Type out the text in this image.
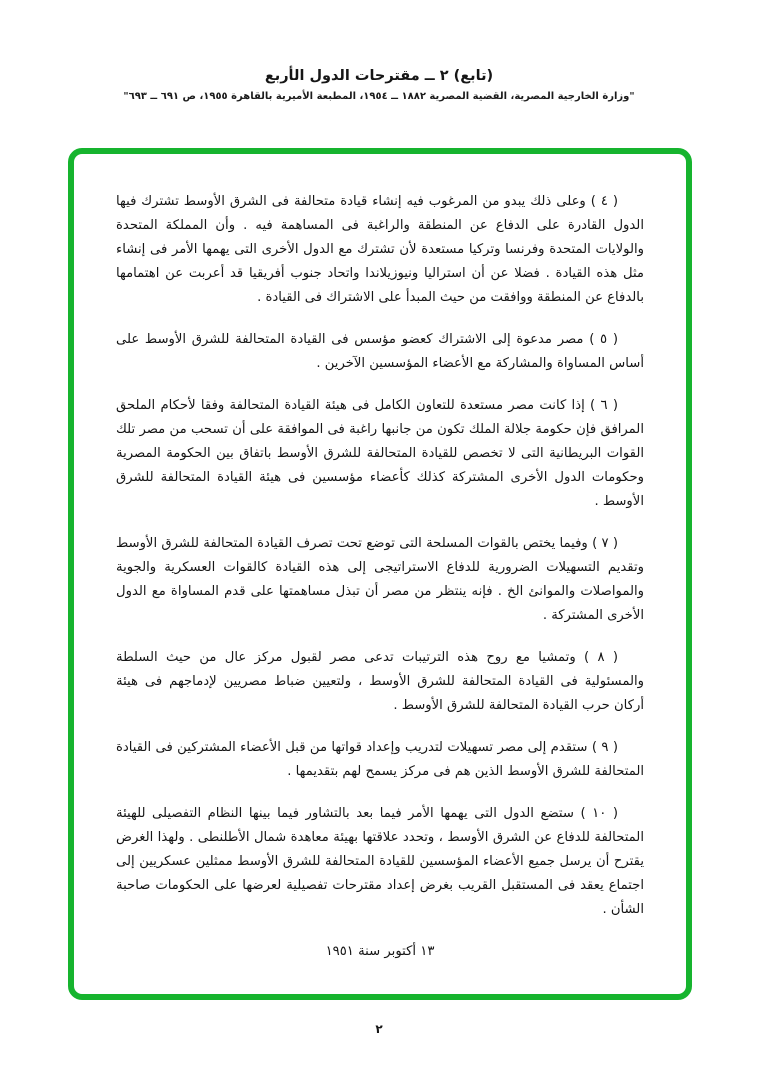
(تابع) ٢ ــ مقترحات الدول الأربع
"وزارة الخارجية المصرية، القضية المصرية ١٨٨٢ ــ ١٩٥٤، المطبعة الأميرية بالقاهرة ١٩٥٥، ص ٦٩١ ــ ٦٩٣"

( ٤ ) وعلى ذلك يبدو من المرغوب فيه إنشاء قيادة متحالفة فى الشرق الأوسط تشترك فيها الدول القادرة على الدفاع عن المنطقة والراغبة فى المساهمة فيه . وأن المملكة المتحدة والولايات المتحدة وفرنسا وتركيا مستعدة لأن تشترك مع الدول الأخرى التى يهمها الأمر فى إنشاء مثل هذه القيادة . فضلا عن أن استراليا ونيوزيلاندا واتحاد جنوب أفريقيا قد أعربت عن اهتمامها بالدفاع عن المنطقة ووافقت من حيث المبدأ على الاشتراك فى القيادة .

( ٥ ) مصر مدعوة إلى الاشتراك كعضو مؤسس فى القيادة المتحالفة للشرق الأوسط على أساس المساواة والمشاركة مع الأعضاء المؤسسين الآخرين .

( ٦ ) إذا كانت مصر مستعدة للتعاون الكامل فى هيئة القيادة المتحالفة وفقا لأحكام الملحق المرافق فإن حكومة جلالة الملك تكون من جانبها راغبة فى الموافقة على أن تسحب من مصر تلك القوات البريطانية التى لا تخصص للقيادة المتحالفة للشرق الأوسط باتفاق بين الحكومة المصرية وحكومات الدول الأخرى المشتركة كذلك كأعضاء مؤسسين فى هيئة القيادة المتحالفة للشرق الأوسط .

( ٧ ) وفيما يختص بالقوات المسلحة التى توضع تحت تصرف القيادة المتحالفة للشرق الأوسط وتقديم التسهيلات الضرورية للدفاع الاستراتيجى إلى هذه القيادة كالقوات العسكرية والجوية والمواصلات والموانئ الخ . فإنه ينتظر من مصر أن تبذل مساهمتها على قدم المساواة مع الدول الأخرى المشتركة .

( ٨ ) وتمشيا مع روح هذه الترتيبات تدعى مصر لقبول مركز عال من حيث السلطة والمسئولية فى القيادة المتحالفة للشرق الأوسط ، ولتعيين ضباط مصريين لإدماجهم فى هيئة أركان حرب القيادة المتحالفة للشرق الأوسط .

( ٩ ) ستقدم إلى مصر تسهيلات لتدريب وإعداد قواتها من قبل الأعضاء المشتركين فى القيادة المتحالفة للشرق الأوسط الذين هم فى مركز يسمح لهم بتقديمها .

( ١٠ ) ستضع الدول التى يهمها الأمر فيما بعد بالتشاور فيما بينها النظام التفصيلى للهيئة المتحالفة للدفاع عن الشرق الأوسط ، وتحدد علاقتها بهيئة معاهدة شمال الأطلنطى . ولهذا الغرض يقترح أن يرسل جميع الأعضاء المؤسسين للقيادة المتحالفة للشرق الأوسط ممثلين عسكريين إلى اجتماع يعقد فى المستقبل القريب بغرض إعداد مقترحات تفصيلية لعرضها على الحكومات صاحبة الشأن .

١٣ أكتوبر سنة ١٩٥١
٢
